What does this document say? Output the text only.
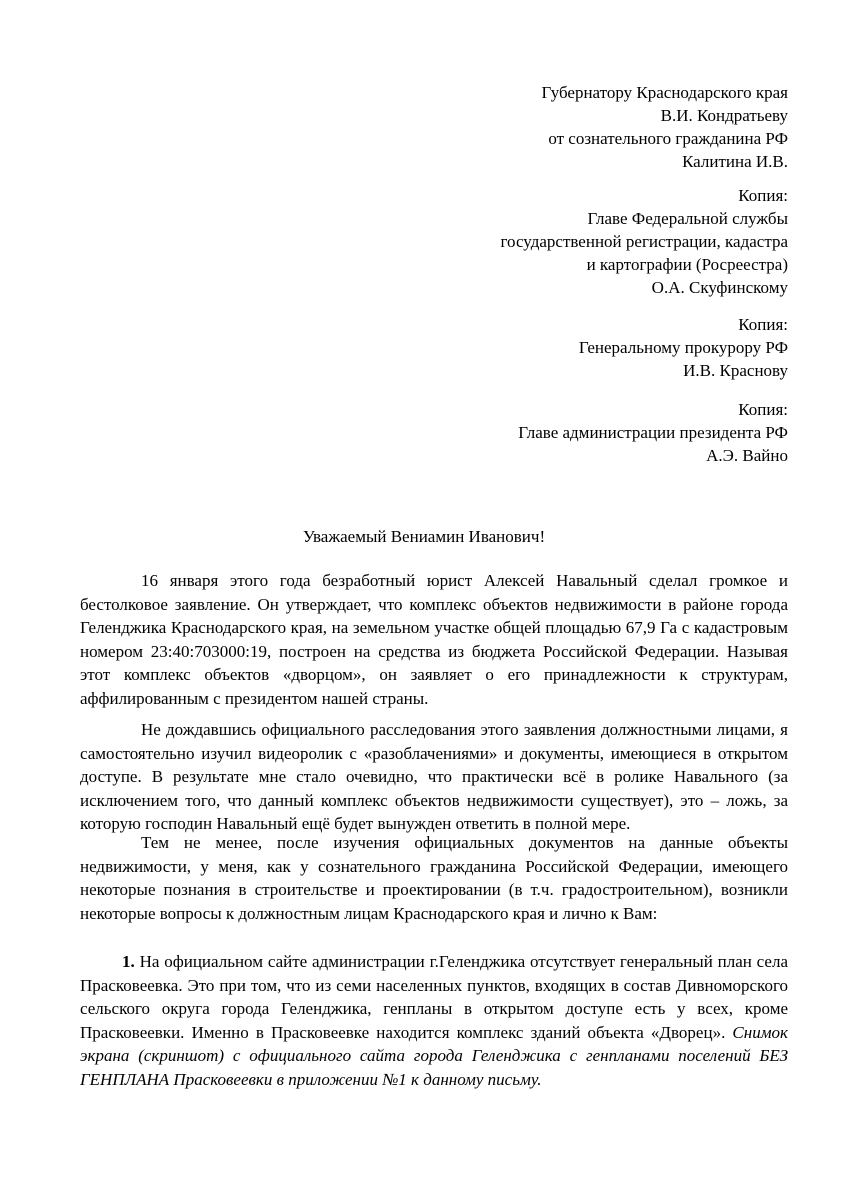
Губернатору Краснодарского края
В.И. Кондратьеву
от сознательного гражданина РФ
Калитина И.В.
Копия:
Главе Федеральной службы
государственной регистрации, кадастра
и картографии (Росреестра)
О.А. Скуфинскому
Копия:
Генеральному прокурору РФ
И.В. Краснову
Копия:
Главе администрации президента РФ
А.Э. Вайно
Уважаемый Вениамин Иванович!

16 января этого года безработный юрист Алексей Навальный сделал громкое и бестолковое заявление. Он утверждает, что комплекс объектов недвижимости в районе города Геленджика Краснодарского края, на земельном участке общей площадью 67,9 Га с кадастровым номером 23:40:703000:19, построен на средства из бюджета Российской Федерации. Называя этот комплекс объектов «дворцом», он заявляет о его принадлежности к структурам, аффилированным с президентом нашей страны.

Не дождавшись официального расследования этого заявления должностными лицами, я самостоятельно изучил видеоролик с «разоблачениями» и документы, имеющиеся в открытом доступе. В результате мне стало очевидно, что практически всё в ролике Навального (за исключением того, что данный комплекс объектов недвижимости существует), это – ложь, за которую господин Навальный ещё будет вынужден ответить в полной мере.

Тем не менее, после изучения официальных документов на данные объекты недвижимости, у меня, как у сознательного гражданина Российской Федерации, имеющего некоторые познания в строительстве и проектировании (в т.ч. градостроительном), возникли некоторые вопросы к должностным лицам Краснодарского края и лично к Вам:

1. На официальном сайте администрации г.Геленджика отсутствует генеральный план села Прасковеевка. Это при том, что из семи населенных пунктов, входящих в состав Дивноморского сельского округа города Геленджика, генпланы в открытом доступе есть у всех, кроме Прасковеевки. Именно в Прасковеевке находится комплекс зданий объекта «Дворец». Снимок экрана (скриншот) с официального сайта города Геленджика с генпланами поселений БЕЗ ГЕНПЛАНА Прасковеевки в приложении №1 к данному письму.
